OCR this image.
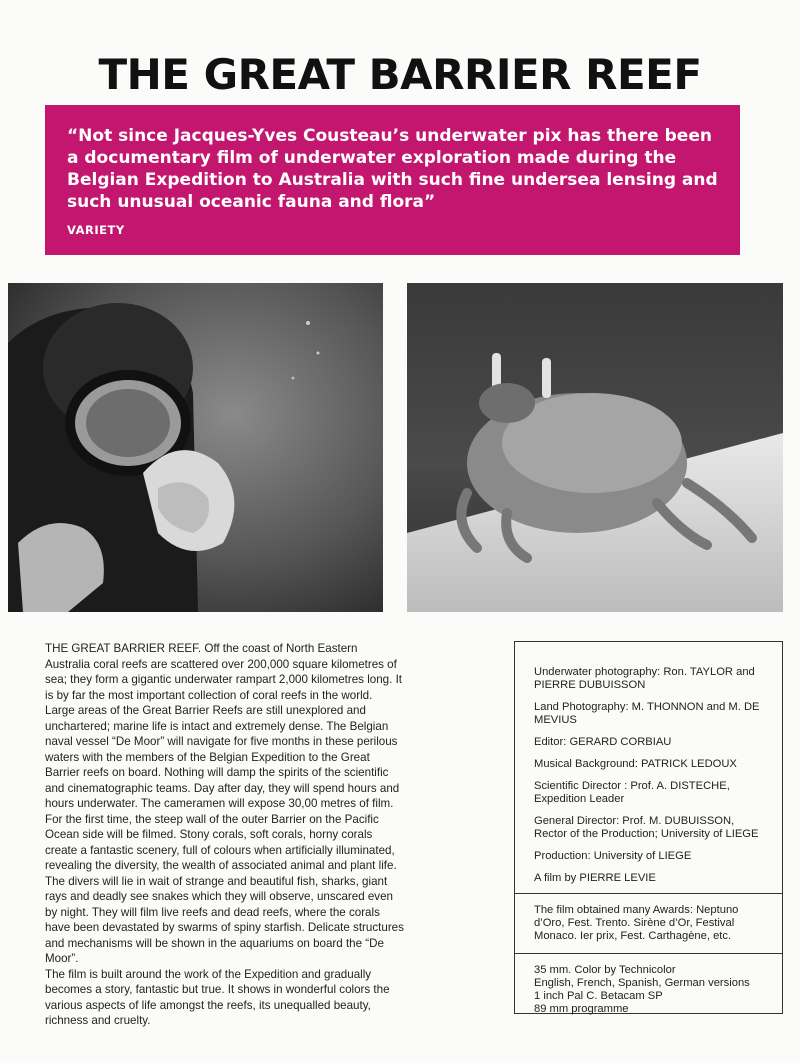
THE GREAT BARRIER REEF

“Not since Jacques-Yves Cousteau’s underwater pix has there been a documentary film of underwater exploration made during the Belgian Expedition to Australia with such fine undersea lensing and such unusual oceanic fauna and flora”

VARIETY

THE GREAT BARRIER REEF. Off the coast of North Eastern Australia coral reefs are scattered over 200,000 square kilometres of sea; they form a gigantic underwater rampart 2,000 kilometres long. It is by far the most important collection of coral reefs in the world.

Large areas of the Great Barrier Reefs are still unexplored and unchartered; marine life is intact and extremely dense. The Belgian naval vessel “De Moor” will navigate for five months in these perilous waters with the members of the Belgian Expedition to the Great Barrier reefs on board. Nothing will damp the spirits of the scientific and cinematographic teams. Day after day, they will spend hours and hours underwater. The cameramen will expose 30,00 metres of film. For the first time, the steep wall of the outer Barrier on the Pacific Ocean side will be filmed. Stony corals, soft corals, horny corals create a fantastic scenery, full of colours when artificially illuminated, revealing the diversity, the wealth of associated animal and plant life. The divers will lie in wait of strange and beautiful fish, sharks, giant rays and deadly see snakes which they will observe, unscared even by night. They will film live reefs and dead reefs, where the corals have been devastated by swarms of spiny starfish. Delicate structures and mechanisms will be shown in the aquariums on board the “De Moor”.

The film is built around the work of the Expedition and gradually becomes a story, fantastic but true. It shows in wonderful colors the various aspects of life amongst the reefs, its unequalled beauty, richness and cruelty.

Underwater photography: Ron. TAYLOR and PIERRE DUBUISSON

Land Photography: M. THONNON and M. DE MEVIUS

Editor: GERARD CORBIAU

Musical Background: PATRICK LEDOUX

Scientific Director : Prof. A. DISTECHE, Expedition Leader

General Director: Prof. M. DUBUISSON, Rector of the Production; University of LIEGE

Production: University of LIEGE

A film by PIERRE LEVIE

The film obtained many Awards: Neptuno d’Oro, Fest. Trento. Sirène d’Or, Festival Monaco. Ier prix, Fest. Carthagène, etc.

35 mm. Color by Technicolor

English, French, Spanish, German versions

1 inch Pal C. Betacam SP

89 mm programme
